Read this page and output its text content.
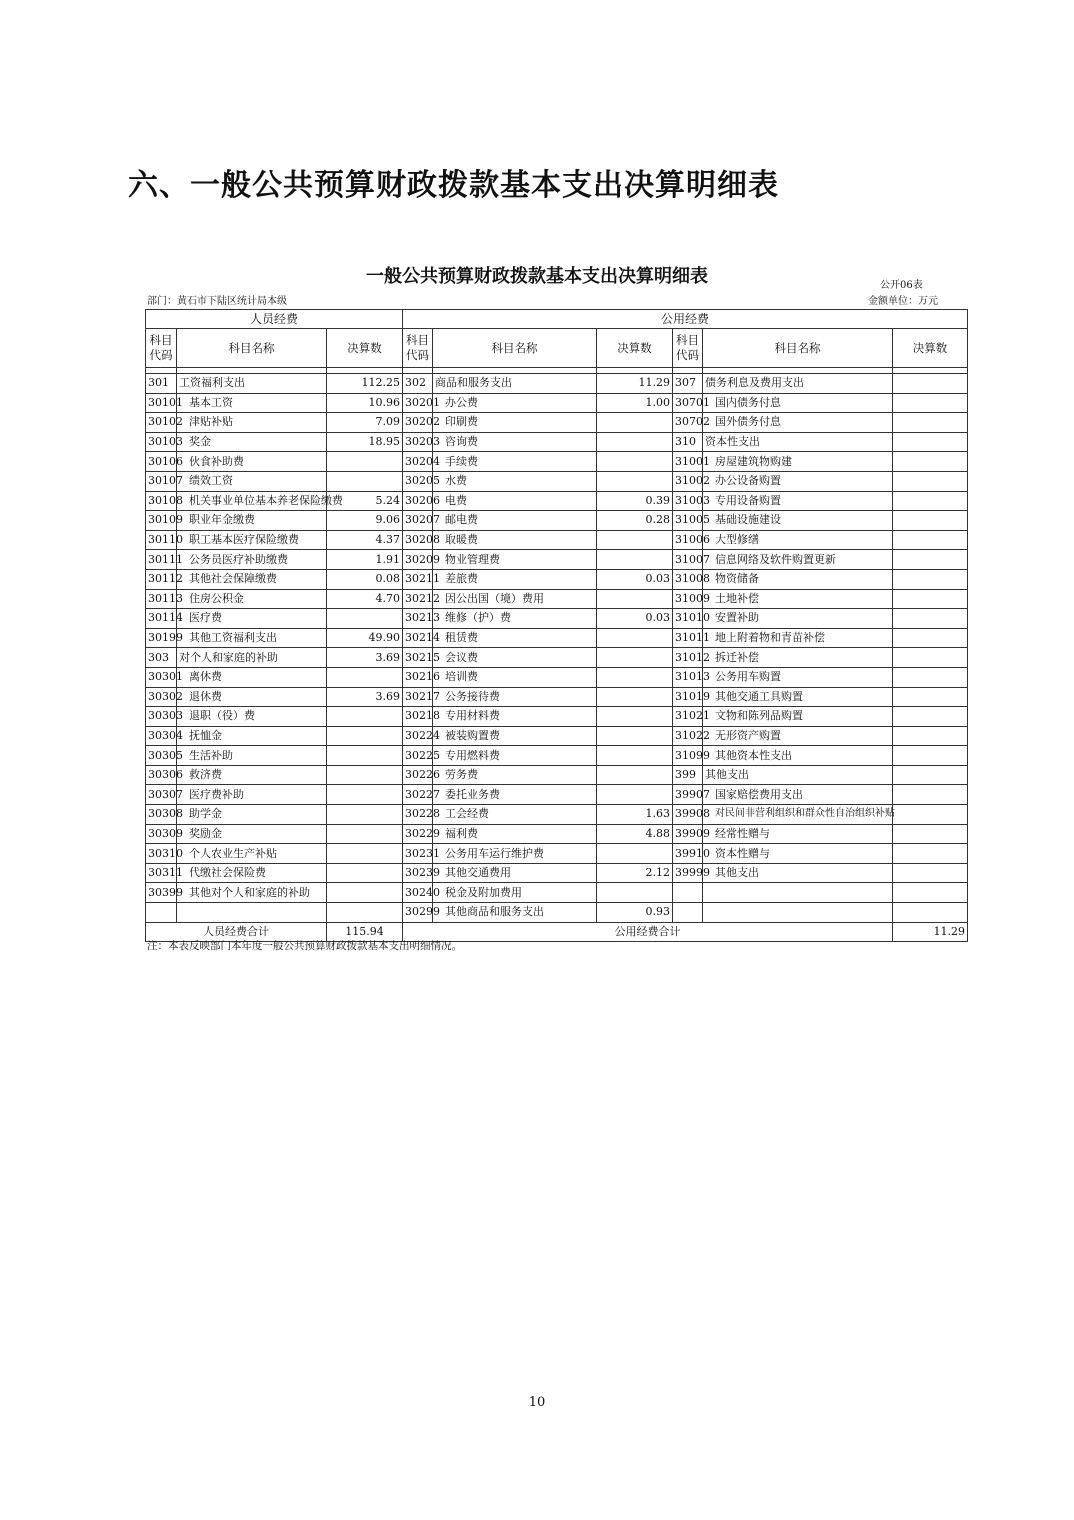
六、一般公共预算财政拨款基本支出决算明细表
一般公共预算财政拨款基本支出决算明细表	公开06表
部门：黄石市下陆区统计局本级	金额单位：万元
人员经费			公用经费					

科目代码	科目名称	决算数	科目代码	科目名称	决算数	科目代码	科目名称	决算数

301	工资福利支出	112.25	302	商品和服务支出	11.29	307	债务利息及费用支出	
30101	基本工资	10.96	30201	办公费	1.00	30701	国内债务付息	
30102	津贴补贴	7.09	30202	印刷费		30702	国外债务付息	
30103	奖金	18.95	30203	咨询费		310	资本性支出	
30106	伙食补助费		30204	手续费		31001	房屋建筑物购建	
30107	绩效工资		30205	水费		31002	办公设备购置	
30108	机关事业单位基本养老保险缴费	5.24	30206	电费	0.39	31003	专用设备购置	
30109	职业年金缴费	9.06	30207	邮电费	0.28	31005	基础设施建设	
30110	职工基本医疗保险缴费	4.37	30208	取暖费		31006	大型修缮	
30111	公务员医疗补助缴费	1.91	30209	物业管理费		31007	信息网络及软件购置更新	
30112	其他社会保障缴费	0.08	30211	差旅费	0.03	31008	物资储备	
30113	住房公积金	4.70	30212	因公出国（境）费用		31009	土地补偿	
30114	医疗费		30213	维修（护）费	0.03	31010	安置补助	
30199	其他工资福利支出	49.90	30214	租赁费		31011	地上附着物和青苗补偿	
303	对个人和家庭的补助	3.69	30215	会议费		31012	拆迁补偿	
30301	离休费		30216	培训费		31013	公务用车购置	
30302	退休费	3.69	30217	公务接待费		31019	其他交通工具购置	
30303	退职（役）费		30218	专用材料费		31021	文物和陈列品购置	
30304	抚恤金		30224	被装购置费		31022	无形资产购置	
30305	生活补助		30225	专用燃料费		31099	其他资本性支出	
30306	救济费		30226	劳务费		399	其他支出	
30307	医疗费补助		30227	委托业务费		39907	国家赔偿费用支出	
30308	助学金		30228	工会经费	1.63	39908	对民间非营利组织和群众性自治组织补贴	
30309	奖励金		30229	福利费	4.88	39909	经常性赠与	
30310	个人农业生产补贴		30231	公务用车运行维护费		39910	资本性赠与	
30311	代缴社会保险费		30239	其他交通费用	2.12	39999	其他支出	
30399	其他对个人和家庭的补助		30240	税金及附加费用				
			30299	其他商品和服务支出	0.93			
人员经费合计		115.94	公用经费合计					11.29
注：本表反映部门本年度一般公共预算财政拨款基本支出明细情况。
10
